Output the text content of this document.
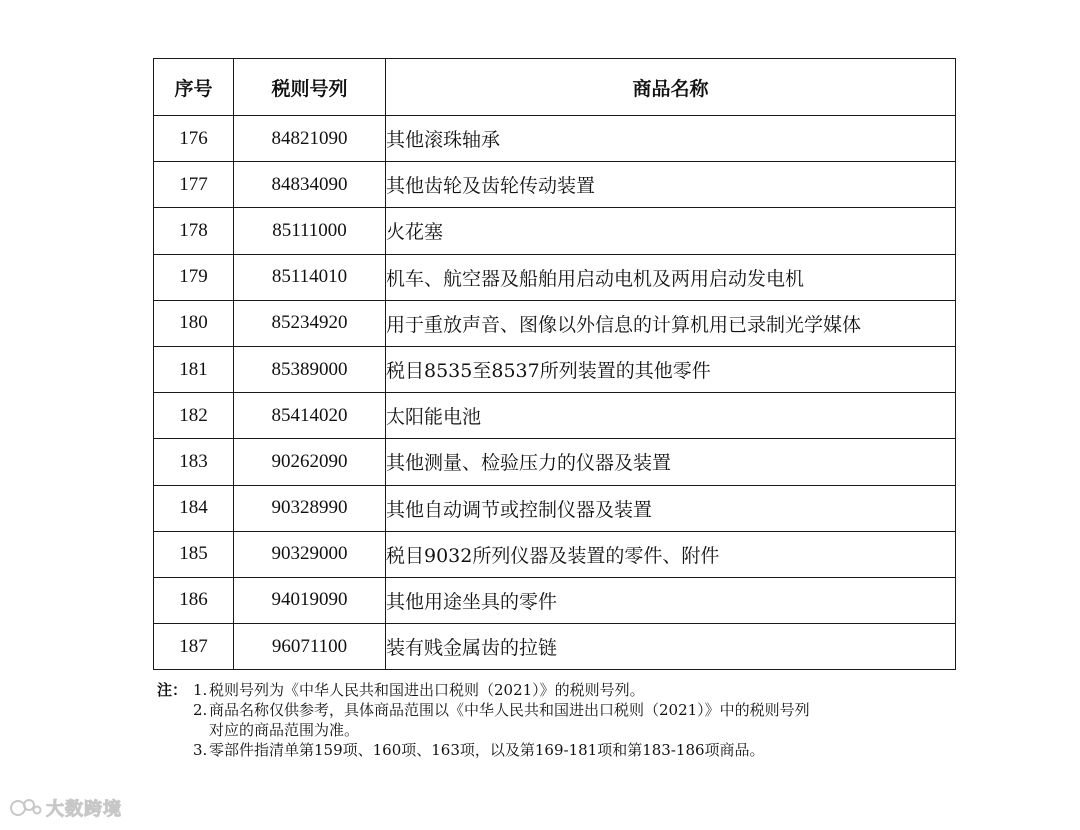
序号	税则号列	商品名称
176	84821090	其他滚珠轴承
177	84834090	其他齿轮及齿轮传动装置
178	85111000	火花塞
179	85114010	机车、航空器及船舶用启动电机及两用启动发电机
180	85234920	用于重放声音、图像以外信息的计算机用已录制光学媒体
181	85389000	税目8535至8537所列装置的其他零件
182	85414020	太阳能电池
183	90262090	其他测量、检验压力的仪器及装置
184	90328990	其他自动调节或控制仪器及装置
185	90329000	税目9032所列仪器及装置的零件、附件
186	94019090	其他用途坐具的零件
187	96071100	装有贱金属齿的拉链
注： 1. 税则号列为《中华人民共和国进出口税则（2021）》的税则号列。
2. 商品名称仅供参考，具体商品范围以《中华人民共和国进出口税则（2021）》中的税则号列
对应的商品范围为准。
3. 零部件指清单第159项、160项、163项，以及第169-181项和第183-186项商品。
大数跨境
